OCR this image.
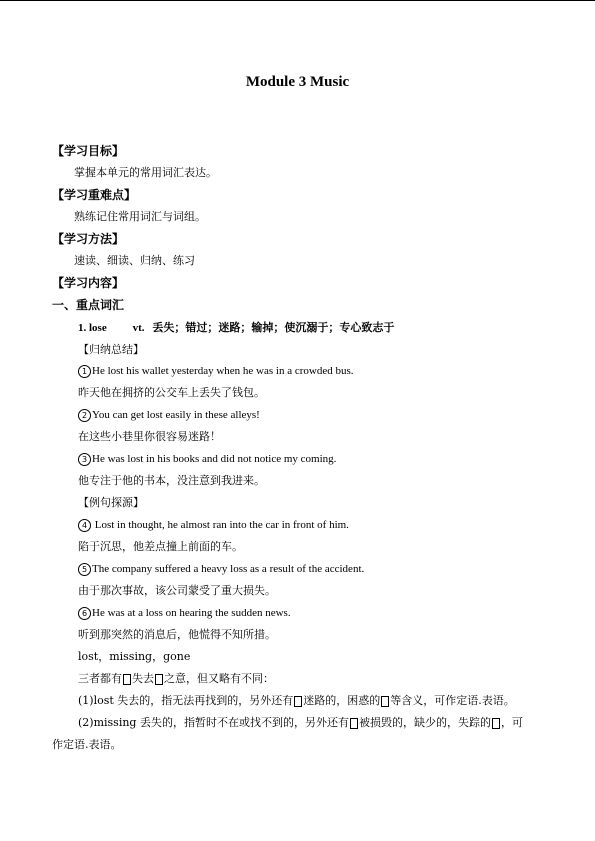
Module 3 Music
【学习目标】
掌握本单元的常用词汇表达。
【学习重难点】
熟练记住常用词汇与词组。
【学习方法】
速读、细读、归纳、练习
【学习内容】
一、重点词汇
1. lose vt. 丢失；错过；迷路；输掉；使沉溺于；专心致志于
【归纳总结】
1 He lost his wallet yesterday when he was in a crowded bus.
昨天他在拥挤的公交车上丢失了钱包。
2 You can get lost easily in these alleys!
在这些小巷里你很容易迷路！
3 He was lost in his books and did not notice my coming.
他专注于他的书本，没注意到我进来。
【例句探源】
4 Lost in thought, he almost ran into the car in front of him.
陷于沉思，他差点撞上前面的车。
5 The company suffered a heavy loss as a result of the accident.
由于那次事故，该公司蒙受了重大损失。
6 He was at a loss on hearing the sudden news.
听到那突然的消息后，他慌得不知所措。
lost，missing，gone
三者都有 失去 之意，但又略有不同：
(1)lost 失去的，指无法再找到的，另外还有 迷路的，困惑的 等含义，可作定语.表语。
(2)missing 丢失的，指暂时不在或找不到的，另外还有 被损毁的，缺少的，失踪的 ，可
作定语.表语。
